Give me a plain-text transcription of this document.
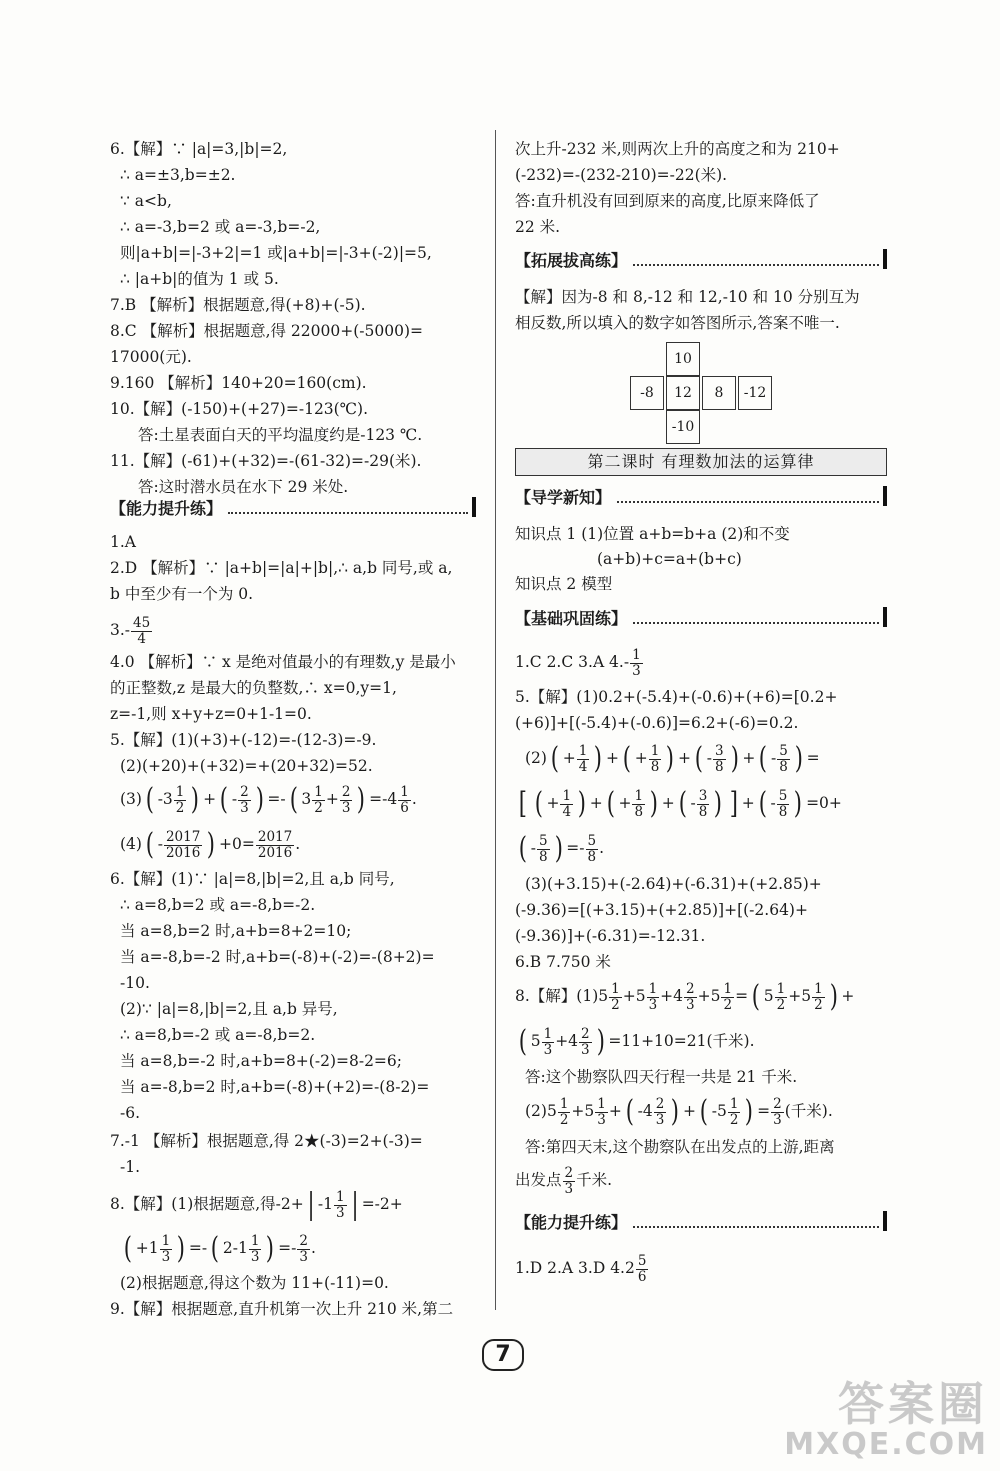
6.【解】∵ |a|=3,|b|=2,
∴ a=±3,b=±2.
∵ a<b,
∴ a=-3,b=2 或 a=-3,b=-2,
则|a+b|=|-3+2|=1 或|a+b|=|-3+(-2)|=5,
∴ |a+b|的值为 1 或 5.
7.B 【解析】根据题意,得(+8)+(-5).
8.C 【解析】根据题意,得 22000+(-5000)=
17000(元).
9.160 【解析】140+20=160(cm).
10.【解】(-150)+(+27)=-123(℃).
答:土星表面白天的平均温度约是-123 ℃.
11.【解】(-61)+(+32)=-(61-32)=-29(米).
答:这时潜水员在水下 29 米处.
【能力提升练】
1.A
2.D 【解析】∵ |a+b|=|a|+|b|,∴ a,b 同号,或 a,
b 中至少有一个为 0.
$3.- \frac{45}{4}$
4.0 【解析】∵ x 是绝对值最小的有理数,y 是最小
的正整数,z 是最大的负整数,∴ x=0,y=1,
z=-1,则 x+y+z=0+1-1=0.
5.【解】(1)(+3)+(-12)=-(12-3)=-9.
(2)(+20)+(+32)=+(20+32)=52.
(3) ( $-3 \frac{1}{2}$ ) + ( - $\frac{2}{3}$ ) =- ( $3 \frac{1}{2} + \frac{2}{3}$ ) $=-4 \frac{1}{6}$ .
(4) ( - $\frac{2017}{2016}$ ) $+0= \frac{2017}{2016}$ .
6.【解】(1)∵ |a|=8,|b|=2,且 a,b 同号,
∴ a=8,b=2 或 a=-8,b=-2.
当 a=8,b=2 时,a+b=8+2=10;
当 a=-8,b=-2 时,a+b=(-8)+(-2)=-(8+2)=
-10.
(2)∵ |a|=8,|b|=2,且 a,b 异号,
∴ a=8,b=-2 或 a=-8,b=2.
当 a=8,b=-2 时,a+b=8+(-2)=8-2=6;
当 a=-8,b=2 时,a+b=(-8)+(+2)=-(8-2)=
-6.
7.-1 【解析】根据题意,得 2★(-3)=2+(-3)=
-1.
8.【解】(1)根据题意,得-2+ | $-1 \frac{1}{3}$ | =-2+
( $+1 \frac{1}{3}$ ) =- ( $2-1 \frac{1}{3}$ ) =- $\frac{2}{3}$ .
(2)根据题意,得这个数为 11+(-11)=0.
9.【解】根据题意,直升机第一次上升 210 米,第二
次上升-232 米,则两次上升的高度之和为 210+
(-232)=-(232-210)=-22(米).
答:直升机没有回到原来的高度,比原来降低了
22 米.
【拓展拔高练】
【解】因为-8 和 8,-12 和 12,-10 和 10 分别互为
相反数,所以填入的数字如答图所示,答案不唯一.
10
-8	12	8	-12
-10
第二课时 有理数加法的运算律
【导学新知】
知识点 1 (1)位置 a+b=b+a (2)和不变
(a+b)+c=a+(b+c)
知识点 2 模型
【基础巩固练】
1.C 2.C 3.A $4.- \frac{1}{3}$
5.【解】(1)0.2+(-5.4)+(-0.6)+(+6)=[0.2+
(+6)]+[(-5.4)+(-0.6)]=6.2+(-6)=0.2.
(2) ( + $\frac{1}{4}$ ) + ( + $\frac{1}{8}$ ) + ( - $\frac{3}{8}$ ) + ( - $\frac{5}{8}$ ) =
[ ( + $\frac{1}{4}$ ) + ( + $\frac{1}{8}$ ) + ( - $\frac{3}{8}$ ) ] + ( - $\frac{5}{8}$ ) =0+
( - $\frac{5}{8}$ ) =- $\frac{5}{8}$ .
(3)(+3.15)+(-2.64)+(-6.31)+(+2.85)+
(-9.36)=[(+3.15)+(+2.85)]+[(-2.64)+
(-9.36)]+(-6.31)=-12.31.
6.B 7.750 米
8.【解】$(1)5 \frac{1}{2} +5 \frac{1}{3} +4 \frac{2}{3} +5 \frac{1}{2}$ = ( $5 \frac{1}{2} +5 \frac{1}{2}$ ) +
( $5 \frac{1}{3} +4 \frac{2}{3}$ ) =11+10=21(千米).
答:这个勘察队四天行程一共是 21 千米.
$(2)5 \frac{1}{2} +5 \frac{1}{3}$ + ( $-4 \frac{2}{3}$ ) + ( $-5 \frac{1}{2}$ ) = $\frac{2}{3}$ (千米).
答:第四天末,这个勘察队在出发点的上游,距离
出发点 $\frac{2}{3}$ 千米.
【能力提升练】
1.D 2.A 3.D $4.2 \frac{5}{6}$
7
答案圈
MXQE.COM
